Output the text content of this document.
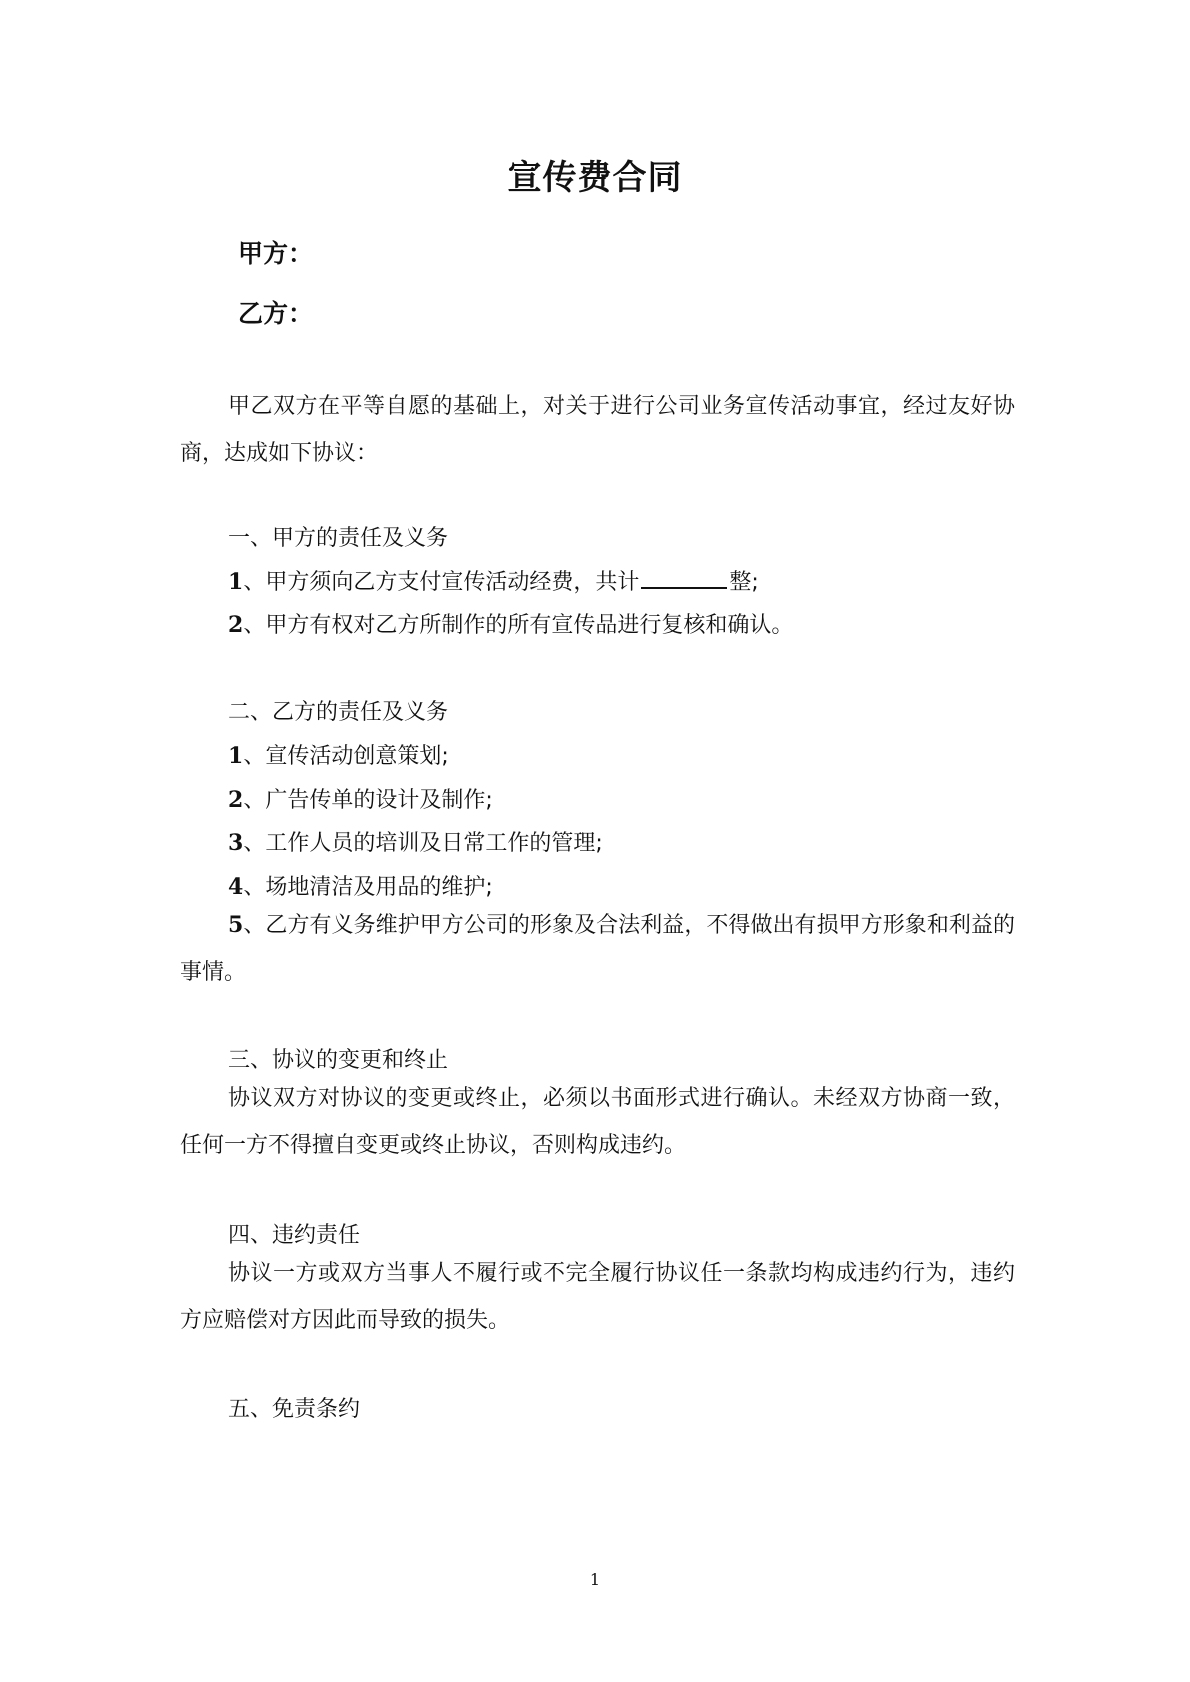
宣传费合同
甲方：
乙方：
甲乙双方在平等自愿的基础上，对关于进行公司业务宣传活动事宜，经过友好协商，达成如下协议：
一、甲方的责任及义务
1、甲方须向乙方支付宣传活动经费，共计	整;
2、甲方有权对乙方所制作的所有宣传品进行复核和确认。
二、乙方的责任及义务
1、宣传活动创意策划;
2、广告传单的设计及制作;
3、工作人员的培训及日常工作的管理;
4、场地清洁及用品的维护;
5、乙方有义务维护甲方公司的形象及合法利益，不得做出有损甲方形象和利益的事情。
三、协议的变更和终止
协议双方对协议的变更或终止，必须以书面形式进行确认。未经双方协商一致，任何一方不得擅自变更或终止协议，否则构成违约。
四、违约责任
协议一方或双方当事人不履行或不完全履行协议任一条款均构成违约行为，违约方应赔偿对方因此而导致的损失。
五、免责条约
1
